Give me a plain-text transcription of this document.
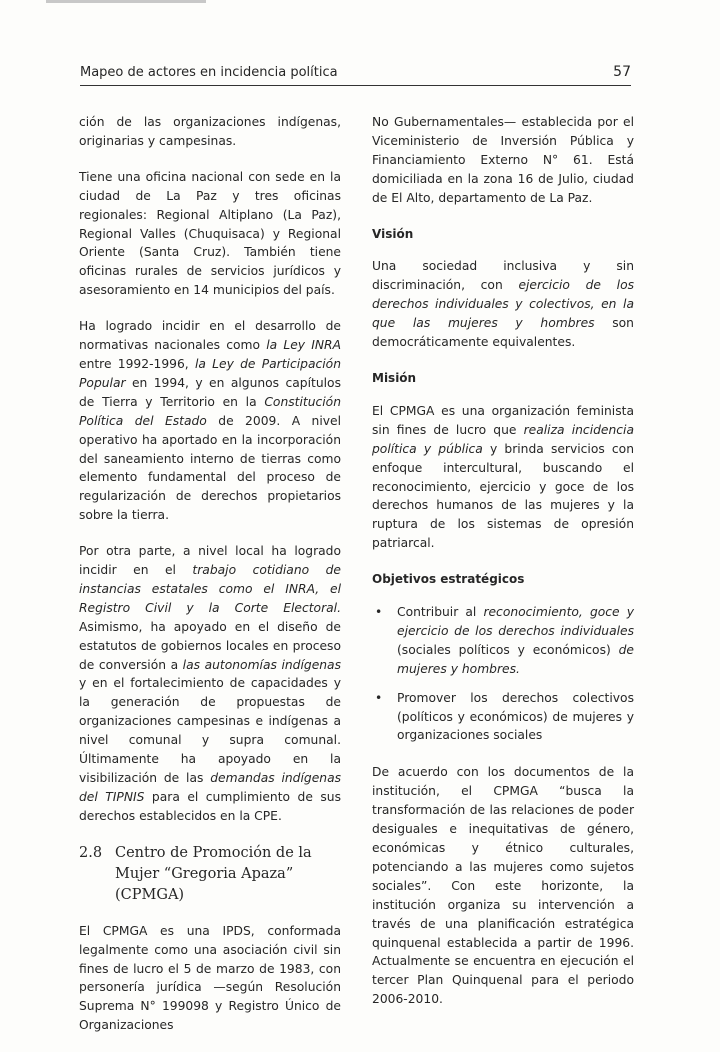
Mapeo de actores en incidencia política	57

ción de las organizaciones indígenas, originarias y campesinas.

Tiene una oficina nacional con sede en la ciudad de La Paz y tres oficinas regionales: Regional Altiplano (La Paz), Regional Valles (Chuquisaca) y Regional Oriente (Santa Cruz). También tiene oficinas rurales de servicios jurídicos y asesoramiento en 14 municipios del país.

Ha logrado incidir en el desarrollo de normativas nacionales como la Ley INRA entre 1992-1996, la Ley de Participación Popular en 1994, y en algunos capítulos de Tierra y Territorio en la Constitución Política del Estado de 2009. A nivel operativo ha aportado en la incorporación del saneamiento interno de tierras como elemento fundamental del proceso de regularización de derechos propietarios sobre la tierra.

Por otra parte, a nivel local ha logrado incidir en el trabajo cotidiano de instancias estatales como el INRA, el Registro Civil y la Corte Electoral. Asimismo, ha apoyado en el diseño de estatutos de gobiernos locales en proceso de conversión a las autonomías indígenas y en el fortalecimiento de capacidades y la generación de propuestas de organizaciones campesinas e indígenas a nivel comunal y supra comunal. Últimamente ha apoyado en la visibilización de las demandas indígenas del TIPNIS para el cumplimiento de sus derechos establecidos en la CPE.

2.8 Centro de Promoción de la Mujer “Gregoria Apaza” (CPMGA)

El CPMGA es una IPDS, conformada legalmente como una asociación civil sin fines de lucro el 5 de marzo de 1983, con personería jurídica —según Resolución Suprema N° 199098 y Registro Único de Organizaciones

No Gubernamentales— establecida por el Viceministerio de Inversión Pública y Financiamiento Externo N° 61. Está domiciliada en la zona 16 de Julio, ciudad de El Alto, departamento de La Paz.

Visión

Una sociedad inclusiva y sin discriminación, con ejercicio de los derechos individuales y colectivos, en la que las mujeres y hombres son democráticamente equivalentes.

Misión

El CPMGA es una organización feminista sin fines de lucro que realiza incidencia política y pública y brinda servicios con enfoque intercultural, buscando el reconocimiento, ejercicio y goce de los derechos humanos de las mujeres y la ruptura de los sistemas de opresión patriarcal.

Objetivos estratégicos
• Contribuir al reconocimiento, goce y ejercicio de los derechos individuales (sociales políticos y económicos) de mujeres y hombres.
• Promover los derechos colectivos (políticos y económicos) de mujeres y organizaciones sociales

De acuerdo con los documentos de la institución, el CPMGA “busca la transformación de las relaciones de poder desiguales e inequitativas de género, económicas y étnico culturales, potenciando a las mujeres como sujetos sociales”. Con este horizonte, la institución organiza su intervención a través de una planificación estratégica quinquenal establecida a partir de 1996. Actualmente se encuentra en ejecución el tercer Plan Quinquenal para el periodo 2006-2010.
